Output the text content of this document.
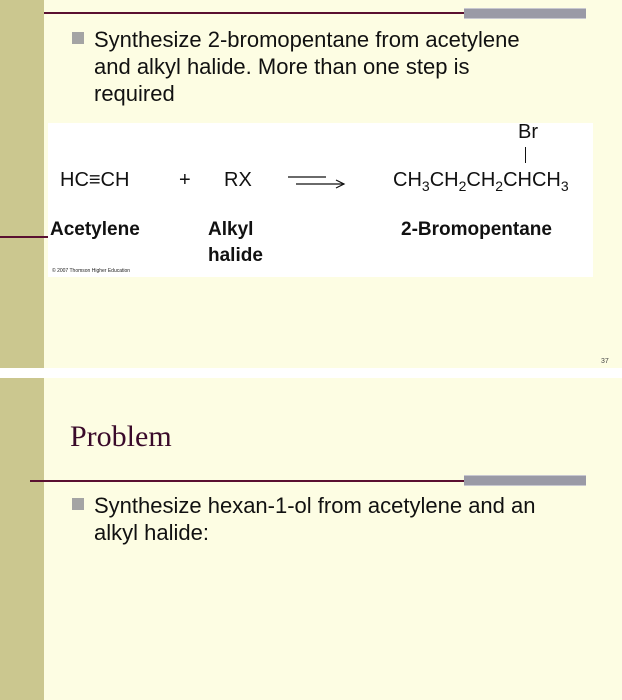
Synthesize 2-bromopentane from acetylene
and alkyl halide. More than one step is
required
HC≡CH + RX
Br
$CH_3CH_2CH_2CHCH_3$
Acetylene	Alkyl
halide
2-Bromopentane
© 2007 Thomson Higher Education
37
Problem
Synthesize hexan-1-ol from acetylene and an
alkyl halide:
